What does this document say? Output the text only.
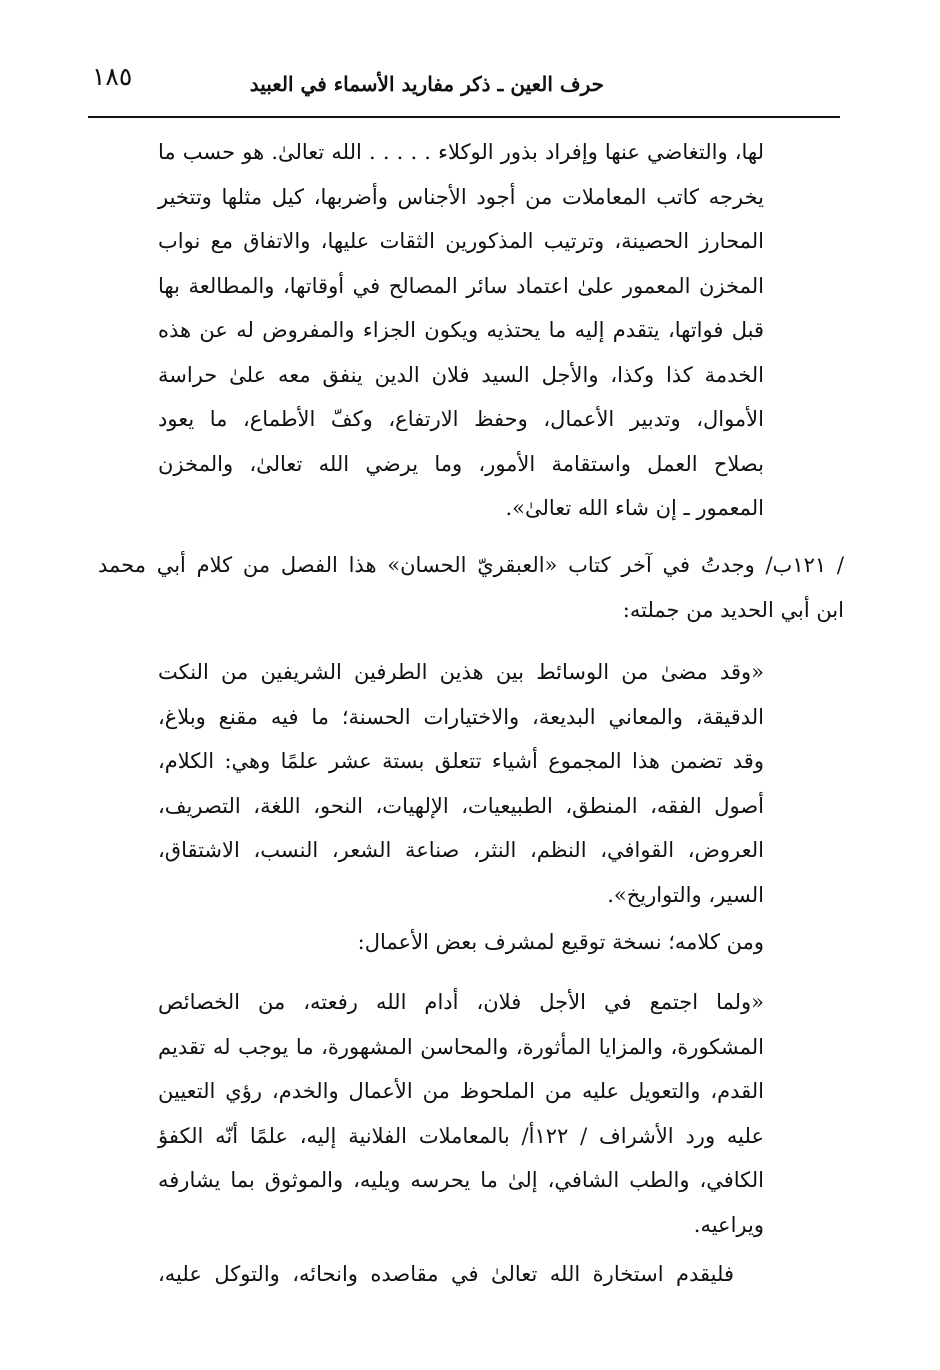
١٨٥	حرف العين ـ ذكر مفاريد الأسماء في العبيد
لها، والتغاضي عنها وإفراد بذور الوكلاء . . . . . الله تعالىٰ. هو حسب ما
يخرجه كاتب المعاملات من أجود الأجناس وأضربها، كيل مثلها وتتخير
المحارز الحصينة، وترتيب المذكورين الثقات عليها، والاتفاق مع نواب
المخزن المعمور علىٰ اعتماد سائر المصالح في أوقاتها، والمطالعة بها
قبل فواتها، يتقدم إليه ما يحتذيه ويكون الجزاء والمفروض له عن هذه
الخدمة كذا وكذا، والأجل السيد فلان الدين ينفق معه علىٰ حراسة
الأموال، وتدبير الأعمال، وحفظ الارتفاع، وكفّ الأطماع، ما يعود
بصلاح العمل واستقامة الأمور، وما يرضي الله تعالىٰ، والمخزن
المعمور ـ إن شاء الله تعالىٰ».
/ ١٢١ب/ وجدتُ في آخر كتاب «العبقريّ الحسان» هذا الفصل من كلام أبي محمد
ابن أبي الحديد من جملته:
«وقد مضىٰ من الوسائط بين هذين الطرفين الشريفين من النكت
الدقيقة، والمعاني البديعة، والاختيارات الحسنة؛ ما فيه مقنع وبلاغ،
وقد تضمن هذا المجموع أشياء تتعلق بستة عشر علمًا وهي: الكلام،
أصول الفقه، المنطق، الطبيعيات، الإلهيات، النحو، اللغة، التصريف،
العروض، القوافي، النظم، النثر، صناعة الشعر، النسب، الاشتقاق،
السير، والتواريخ».
ومن كلامه؛ نسخة توقيع لمشرف بعض الأعمال:
«ولما اجتمع في الأجل فلان، أدام الله رفعته، من الخصائص
المشكورة، والمزايا المأثورة، والمحاسن المشهورة، ما يوجب له تقديم
القدم، والتعويل عليه من الملحوظ من الأعمال والخدم، رؤي التعيين
عليه ورد الأشراف / ١٢٢أ/ بالمعاملات الفلانية إليه، علمًا أنّه الكفؤ
الكافي، والطب الشافي، إلىٰ ما يحرسه ويليه، والموثوق بما يشارفه
ويراعيه.
فليقدم استخارة الله تعالىٰ في مقاصده وانحائه، والتوكل عليه،
